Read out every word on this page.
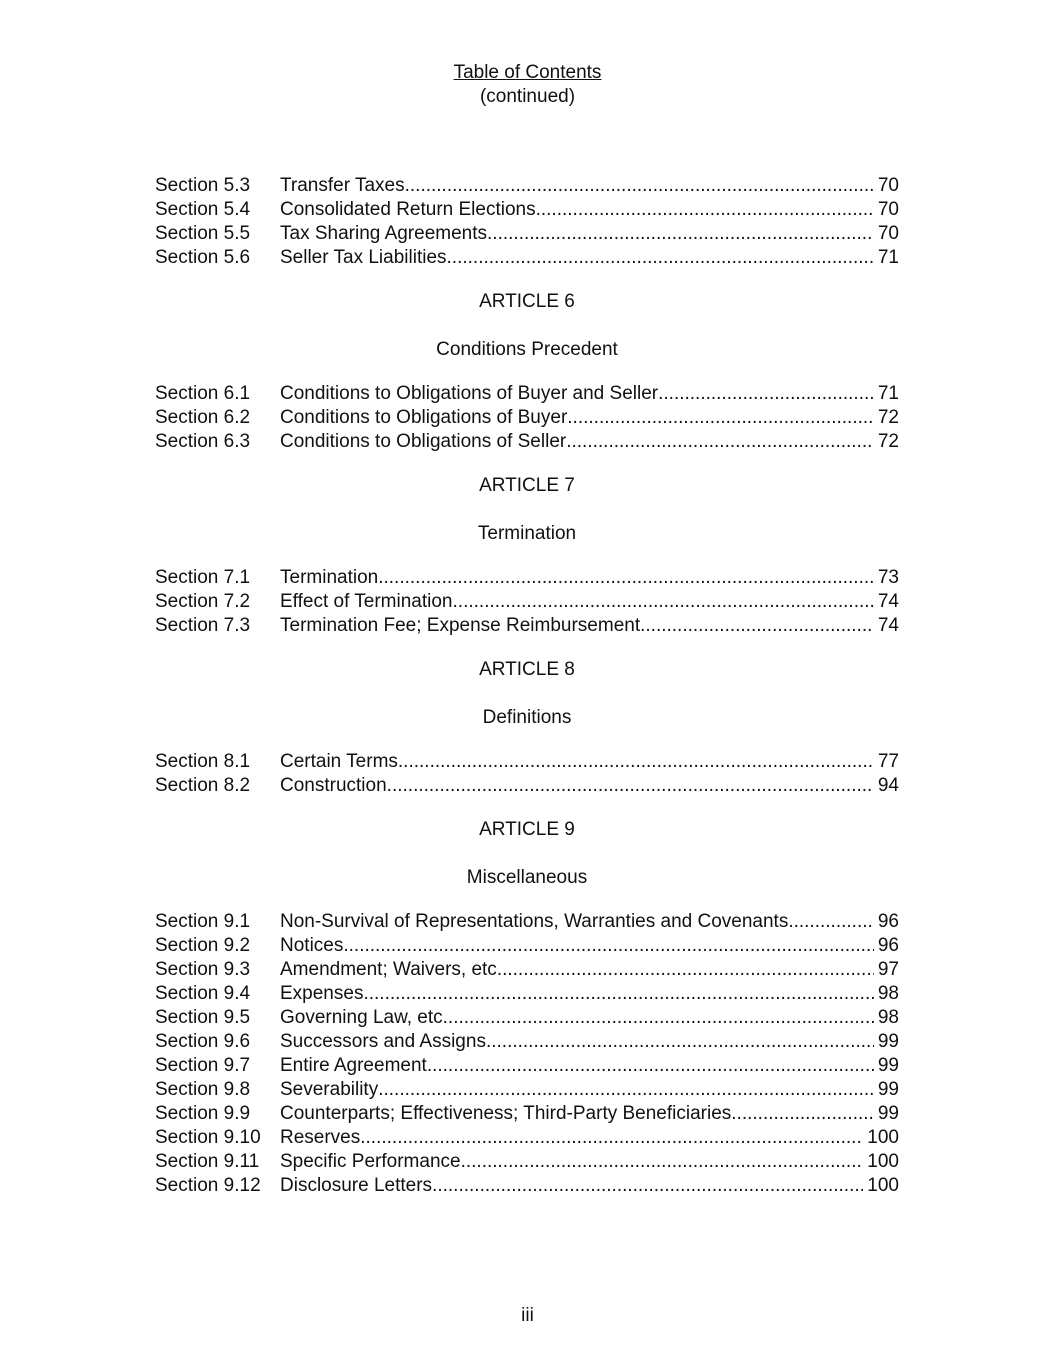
Table of Contents
(continued)
Section 5.3	Transfer Taxes .....	70
Section 5.4	Consolidated Return Elections .....	70
Section 5.5	Tax Sharing Agreements .....	70
Section 5.6	Seller Tax Liabilities .....	71
ARTICLE 6
Conditions Precedent
Section 6.1	Conditions to Obligations of Buyer and Seller .....	71
Section 6.2	Conditions to Obligations of Buyer .....	72
Section 6.3	Conditions to Obligations of Seller .....	72
ARTICLE 7
Termination
Section 7.1	Termination .....	73
Section 7.2	Effect of Termination .....	74
Section 7.3	Termination Fee; Expense Reimbursement .....	74
ARTICLE 8
Definitions
Section 8.1	Certain Terms .....	77
Section 8.2	Construction .....	94
ARTICLE 9
Miscellaneous
Section 9.1	Non-Survival of Representations, Warranties and Covenants .....	96
Section 9.2	Notices .....	96
Section 9.3	Amendment; Waivers, etc .....	97
Section 9.4	Expenses .....	98
Section 9.5	Governing Law, etc .....	98
Section 9.6	Successors and Assigns .....	99
Section 9.7	Entire Agreement .....	99
Section 9.8	Severability .....	99
Section 9.9	Counterparts; Effectiveness; Third-Party Beneficiaries .....	99
Section 9.10	Reserves .....	100
Section 9.11	Specific Performance .....	100
Section 9.12	Disclosure Letters .....	100
iii
